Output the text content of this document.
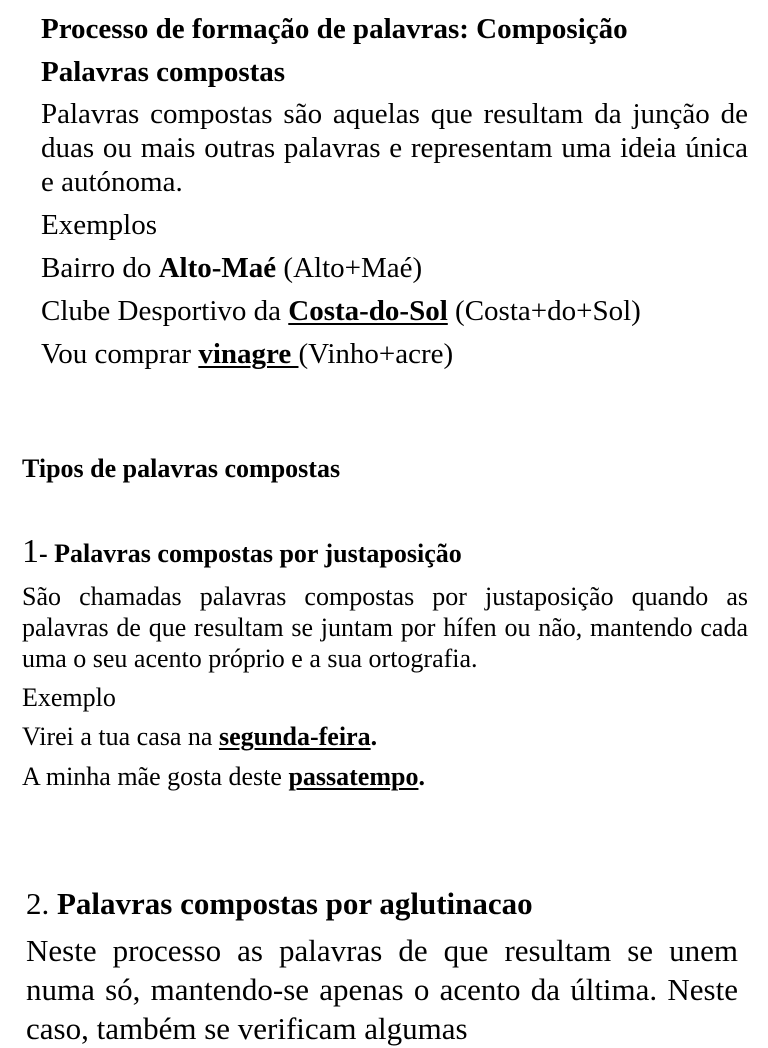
Processo de formação de palavras: Composição

Palavras compostas

Palavras compostas são aquelas que resultam da junção de duas ou mais outras palavras e representam uma ideia única e autónoma.

Exemplos

Bairro do Alto-Maé (Alto+Maé)

Clube Desportivo da Costa-do-Sol (Costa+do+Sol)

Vou comprar vinagre (Vinho+acre)

Tipos de palavras compostas

1- Palavras compostas por justaposição

São chamadas palavras compostas por justaposição quando as palavras de que resultam se juntam por hífen ou não, mantendo cada uma o seu acento próprio e a sua ortografia.

Exemplo

Virei a tua casa na segunda-feira.

A minha mãe gosta deste passatempo.

2. Palavras compostas por aglutinacao

Neste processo as palavras de que resultam se unem numa só, mantendo-se apenas o acento da última. Neste caso, também se verificam algumas
